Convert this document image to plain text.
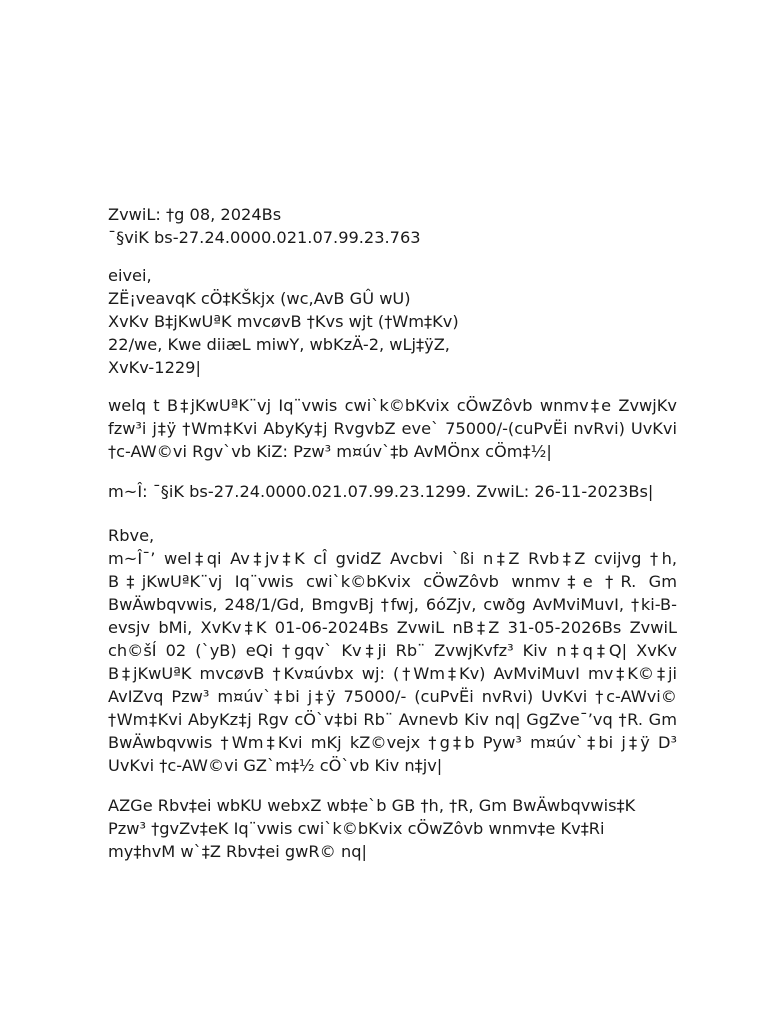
ZvwiL: †g 08, 2024Bs
¯§viK bs-27.24.0000.021.07.99.23.763
eivei,
ZË¡veavqK cÖ‡KŠkjx (wc,AvB GÛ wU)
XvKv B‡jKwUªK mvcøvB †Kvs wjt (†Wm‡Kv)
22/we, Kwe diiæL miwY, wbKzÄ-2, wLj‡ÿZ,
XvKv-1229|
welq t B‡jKwUªK¨vj Iq¨vwis cwi`k©bKvix cÖwZôvb wnmv‡e ZvwjKv
fzw³i j‡ÿ †Wm‡Kvi AbyKy‡j RvgvbZ eve` 75000/-(cuPvËi nvRvi) UvKvi
†c-AW©vi Rgv`vb KiZ: Pzw³ m¤úv`‡b AvMÖnx cÖm‡½|
m~Î: ¯§iK bs-27.24.0000.021.07.99.23.1299. ZvwiL: 26-11-2023Bs|
Rbve,
m~Î¯’ wel‡qi Av‡jv‡K cÎ gvidZ Avcbvi `ßi n‡Z Rvb‡Z cvijvg †h,
B‡jKwUªK¨vj Iq¨vwis cwi`k©bKvix cÖwZôvb wnmv‡e †R. Gm
BwÄwbqvwis, 248/1/Gd, BmgvBj †fwj, 6óZjv, cwðg AvMviMuvI, †ki-B-
evsjv bMi, XvKv‡K 01-06-2024Bs ZvwiL nB‡Z 31-05-2026Bs ZvwiL
ch©šÍ 02 (`yB) eQi †gqv` Kv‡ji Rb¨ ZvwjKvfz³ Kiv n‡q‡Q| XvKv
B‡jKwUªK mvcøvB †Kv¤úvbx wj: (†Wm‡Kv) AvMviMuvI mv‡K©‡ji
AvIZvq Pzw³ m¤úv`‡bi j‡ÿ 75000/- (cuPvËi nvRvi) UvKvi †c-AWvi©
†Wm‡Kvi AbyKz‡j Rgv cÖ`v‡bi Rb¨ Avnevb Kiv nq| GgZve¯’vq †R. Gm
BwÄwbqvwis †Wm‡Kvi mKj kZ©vejx †g‡b Pyw³ m¤úv`‡bi j‡ÿ D³
UvKvi †c-AW©vi GZ`m‡½ cÖ`vb Kiv n‡jv|
AZGe Rbv‡ei wbKU webxZ wb‡e`b GB †h, †R, Gm BwÄwbqvwis‡K
Pzw³ †gvZv‡eK Iq¨vwis cwi`k©bKvix cÖwZôvb wnmv‡e Kv‡Ri
my‡hvM w`‡Z Rbv‡ei gwR© nq|
